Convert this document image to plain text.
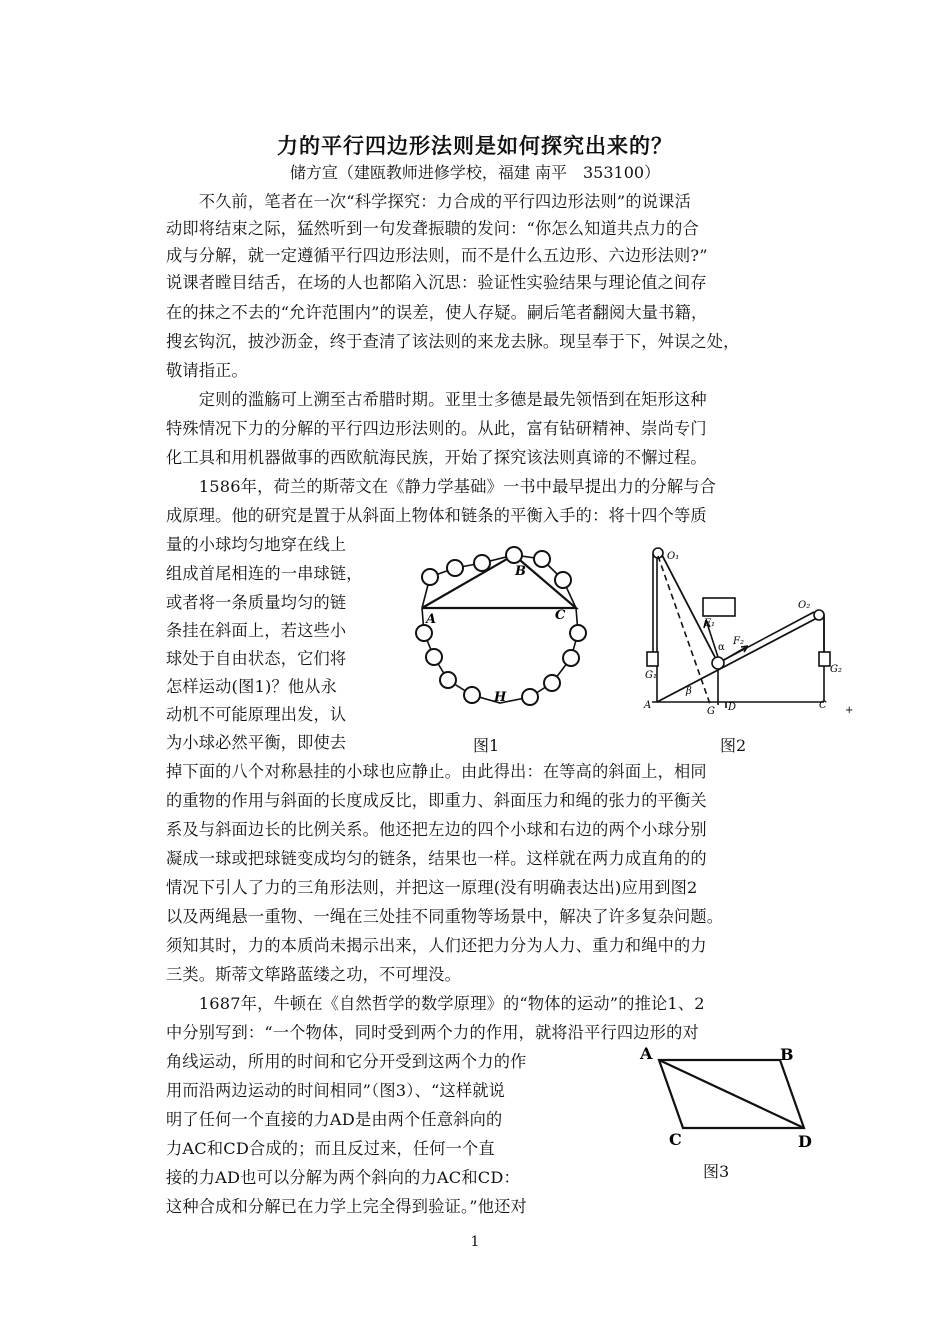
力的平行四边形法则是如何探究出来的？
储方宣（建瓯教师进修学校，福建 南平　353100）
　　不久前，笔者在一次“科学探究：力合成的平行四边形法则”的说课活
动即将结束之际，猛然听到一句发聋振聩的发问：“你怎么知道共点力的合
成与分解，就一定遵循平行四边形法则，而不是什么五边形、六边形法则?”
说课者瞠目结舌，在场的人也都陷入沉思：验证性实验结果与理论值之间存
在的抹之不去的“允许范围内”的误差，使人存疑。嗣后笔者翻阅大量书籍，
搜玄钩沉，披沙沥金，终于查清了该法则的来龙去脉。现呈奉于下，舛误之处，
敬请指正。
　　定则的滥觞可上溯至古希腊时期。亚里士多德是最先领悟到在矩形这种
特殊情况下力的分解的平行四边形法则的。从此，富有钻研精神、崇尚专门
化工具和用机器做事的西欧航海民族，开始了探究该法则真谛的不懈过程。
　　1586年，荷兰的斯蒂文在《静力学基础》一书中最早提出力的分解与合
成原理。他的研究是置于从斜面上物体和链条的平衡入手的：将十四个等质
量的小球均匀地穿在线上
组成首尾相连的一串球链，
或者将一条质量均匀的链
条挂在斜面上，若这些小
球处于自由状态，它们将
怎样运动(图1)？他从永
动机不可能原理出发，认
为小球必然平衡，即使去
掉下面的八个对称悬挂的小球也应静止。由此得出：在等高的斜面上，相同
的重物的作用与斜面的长度成反比，即重力、斜面压力和绳的张力的平衡关
系及与斜面边长的比例关系。他还把左边的四个小球和右边的两个小球分别
凝成一球或把球链变成均匀的链条，结果也一样。这样就在两力成直角的的
情况下引人了力的三角形法则，并把这一原理(没有明确表达出)应用到图2
以及两绳悬一重物、一绳在三处挂不同重物等场景中，解决了许多复杂问题。
须知其时，力的本质尚未揭示出来，人们还把力分为人力、重力和绳中的力
三类。斯蒂文筚路蓝缕之功，不可埋没。
　　1687年，牛顿在《自然哲学的数学原理》的“物体的运动”的推论1、2
中分别写到：“一个物体，同时受到两个力的作用，就将沿平行四边形的对
角线运动，所用的时间和它分开受到这两个力的作
用而沿两边运动的时间相同”（图3）、“这样就说
明了任何一个直接的力AD是由两个任意斜向的
力AC和CD合成的；而且反过来，任何一个直
接的力AD也可以分解为两个斜向的力AC和CD：
这种合成和分解已在力学上完全得到验证。”他还对
A
B
C
H
图1
O₁
O₂
F₁
F₂
α
G₁
G₂
β
A
G D	C +
图2
A	B
C	D
图3
1
